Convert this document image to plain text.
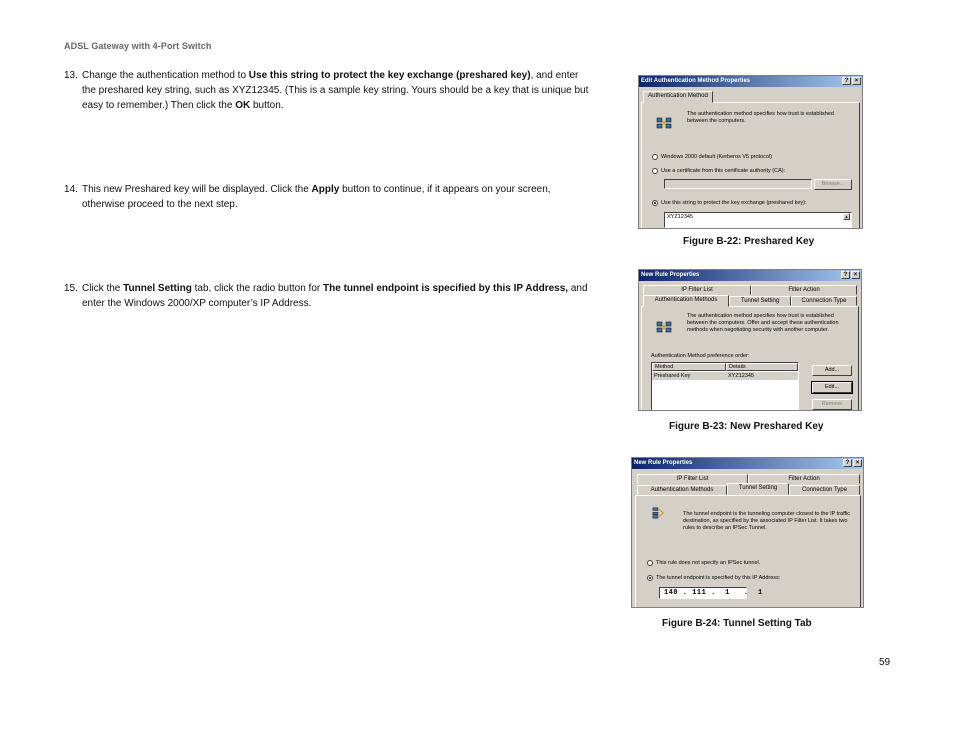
ADSL Gateway with 4-Port Switch
13. Change the authentication method to Use this string to protect the key exchange (preshared key), and enter the preshared key string, such as XYZ12345. (This is a sample key string. Yours should be a key that is unique but easy to remember.) Then click the OK button.
14. This new Preshared key will be displayed. Click the Apply button to continue, if it appears on your screen, otherwise proceed to the next step.
15. Click the Tunnel Setting tab, click the radio button for The tunnel endpoint is specified by this IP Address, and enter the Windows 2000/XP computer’s IP Address.
Edit Authentication Method Properties	?	×
Authentication Method
The authentication method specifies how trust is established between the computers.
Windows 2000 default (Kerberos V5 protocol)
Use a certificate from this certificate authority (CA):
Browse...
Use this string to protect the key exchange (preshared key):
XYZ12345	▲
Figure B-22: Preshared Key
New Rule Properties	?	×
IP Filter List	Filter Action
Authentication Methods	Tunnel Setting	Connection Type
The authentication method specifies how trust is established between the computers. Offer and accept these authentication methods when negotiating security with another computer.
Authentication Method preference order:
Method	Details
Preshared Key	XYZ12345
Add...
Edit...
Remove
Figure B-23: New Preshared Key
New Rule Properties	?	×
IP Filter List	Filter Action
Authentication Methods	Tunnel Setting	Connection Type
The tunnel endpoint is the tunneling computer closest to the IP traffic destination, as specified by the associated IP Filter List. It takes two rules to describe an IPSec Tunnel.
This rule does not specify an IPSec tunnel.
The tunnel endpoint is specified by this IP Address:
140 . 111 .  1   .  1
Figure B-24: Tunnel Setting Tab
59
